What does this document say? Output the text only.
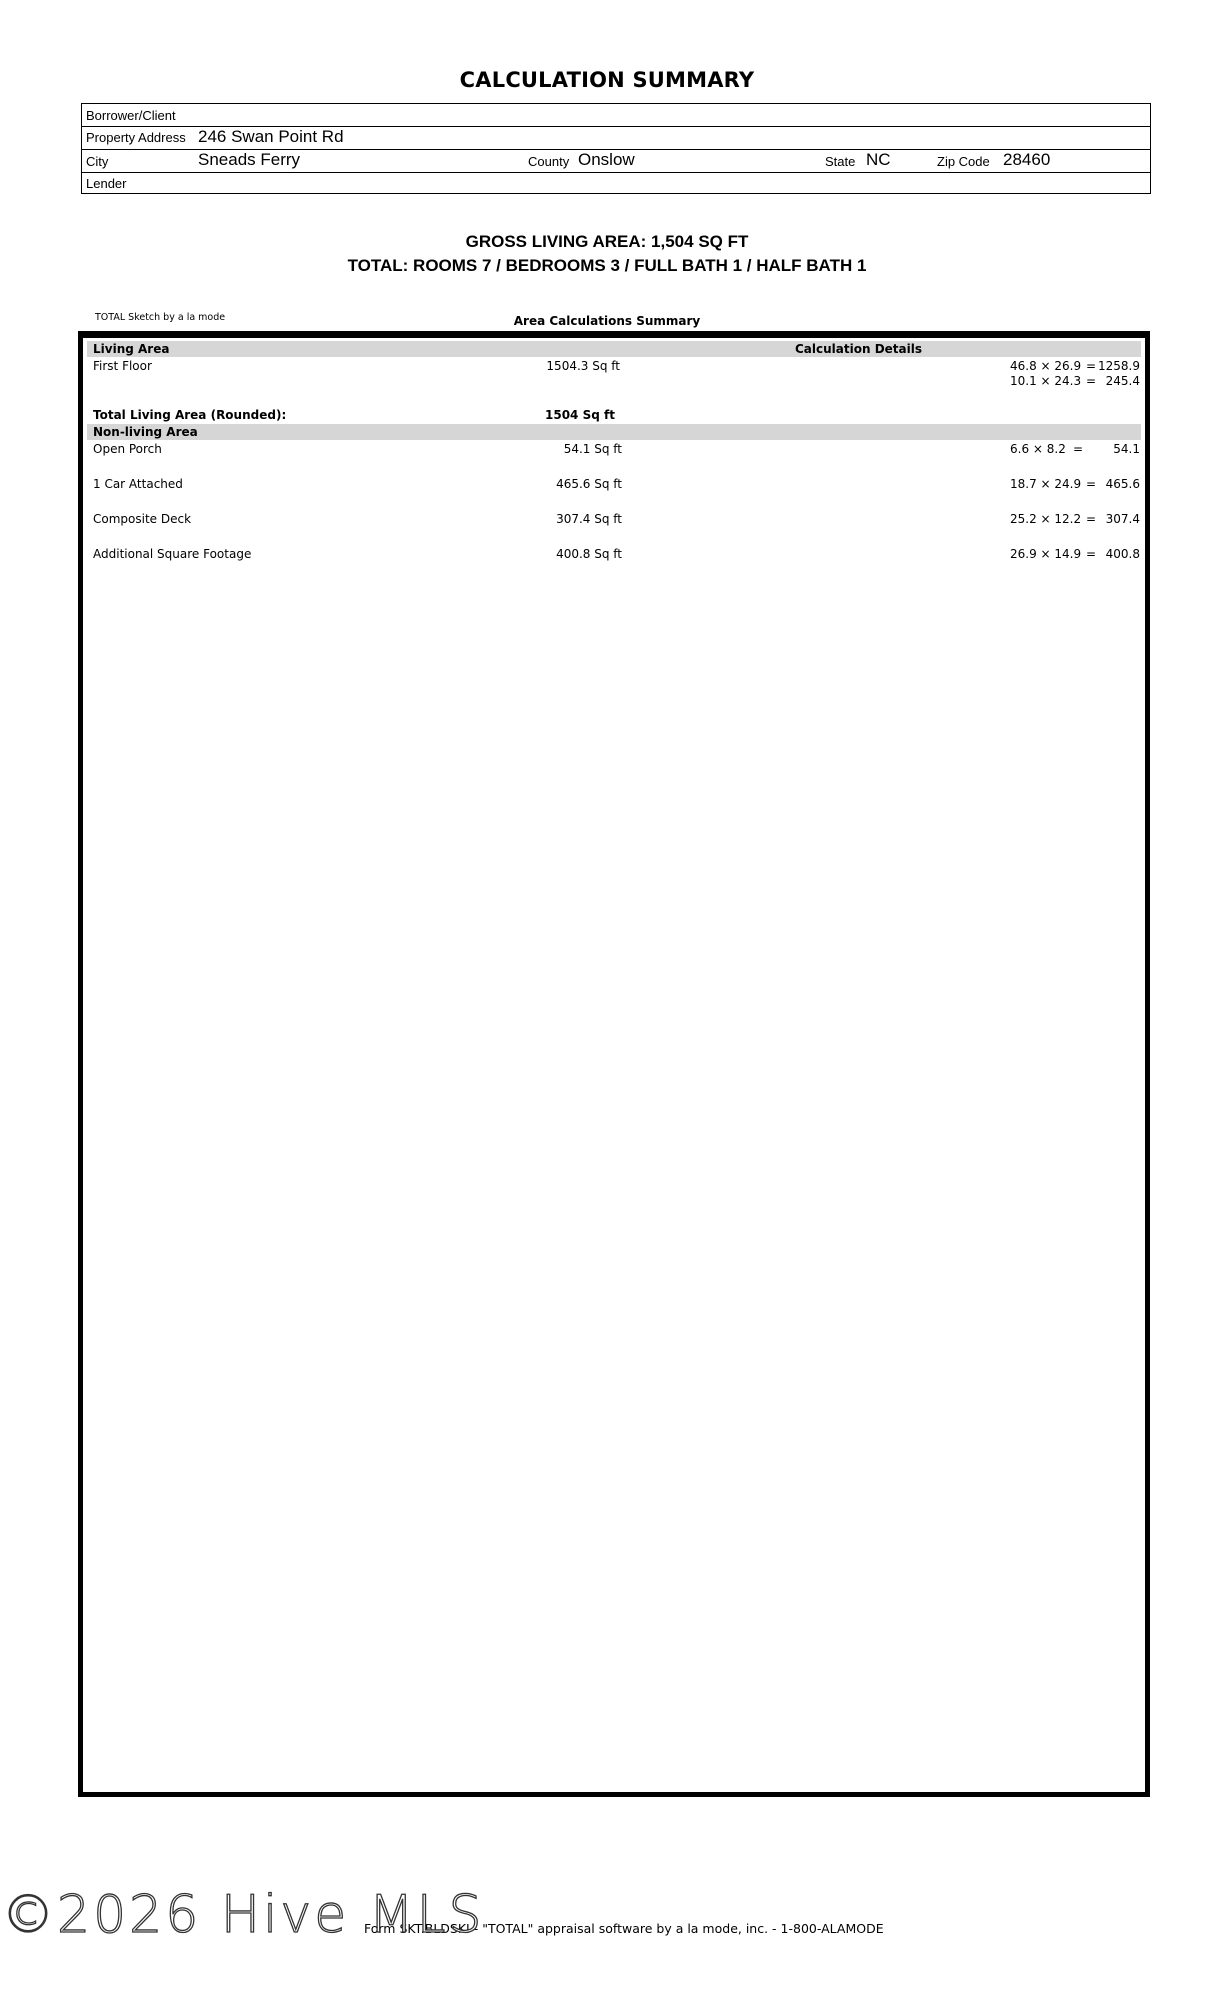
CALCULATION SUMMARY
Borrower/Client
Property Address 246 Swan Point Rd
City	Sneads Ferry	County Onslow	State NC	Zip Code 28460
Lender
GROSS LIVING AREA: 1,504 SQ FT
TOTAL: ROOMS 7 / BEDROOMS 3 / FULL BATH 1 / HALF BATH 1
TOTAL Sketch by a la mode	Area Calculations Summary
Living Area	Calculation Details
First Floor	1504.3 Sq ft	46.8 × 26.9 = 1258.9
10.1 × 24.3 = 245.4
Total Living Area (Rounded):	1504 Sq ft
Non-living Area
Open Porch	54.1 Sq ft	6.6 × 8.2 =	54.1
1 Car Attached	465.6 Sq ft	18.7 × 24.9 = 465.6
Composite Deck	307.4 Sq ft	25.2 × 12.2 = 307.4
Additional Square Footage	400.8 Sq ft	26.9 × 14.9 = 400.8
Form SKT.BLDSKI - "TOTAL" appraisal software by a la mode, inc. - 1-800-ALAMODE
©2026 Hive MLS
